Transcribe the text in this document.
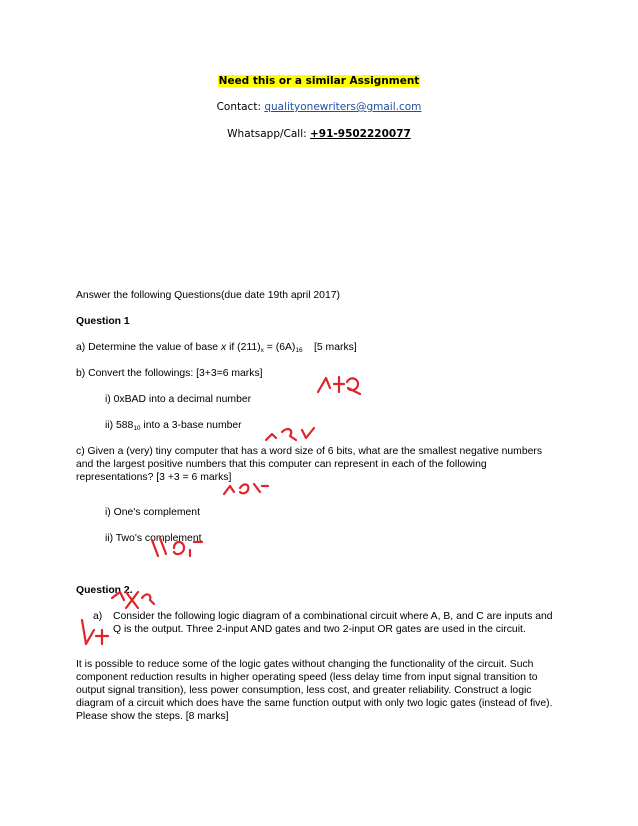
Need this or a similar Assignment
Contact: qualityonewriters@gmail.com
Whatsapp/Call: +91-9502220077
Answer the following Questions(due date 19th april 2017)
Question 1
a) Determine the value of base x if $(211)_x = (6A)_{16}$ [5 marks]
b) Convert the followings: [3+3=6 marks]
i) 0xBAD into a decimal number
ii) $588_{10}$ into a 3-base number
c) Given a (very) tiny computer that has a word size of 6 bits, what are the smallest negative numbers and the largest positive numbers that this computer can represent in each of the following representations? [3 +3 = 6 marks]
i) One's complement
ii) Two's complement
Question 2.
a) Consider the following logic diagram of a combinational circuit where A, B, and C are inputs and Q is the output. Three 2-input AND gates and two 2-input OR gates are used in the circuit.
It is possible to reduce some of the logic gates without changing the functionality of the circuit. Such component reduction results in higher operating speed (less delay time from input signal transition to output signal transition), less power consumption, less cost, and greater reliability. Construct a logic diagram of a circuit which does have the same function output with only two logic gates (instead of five). Please show the steps. [8 marks]
